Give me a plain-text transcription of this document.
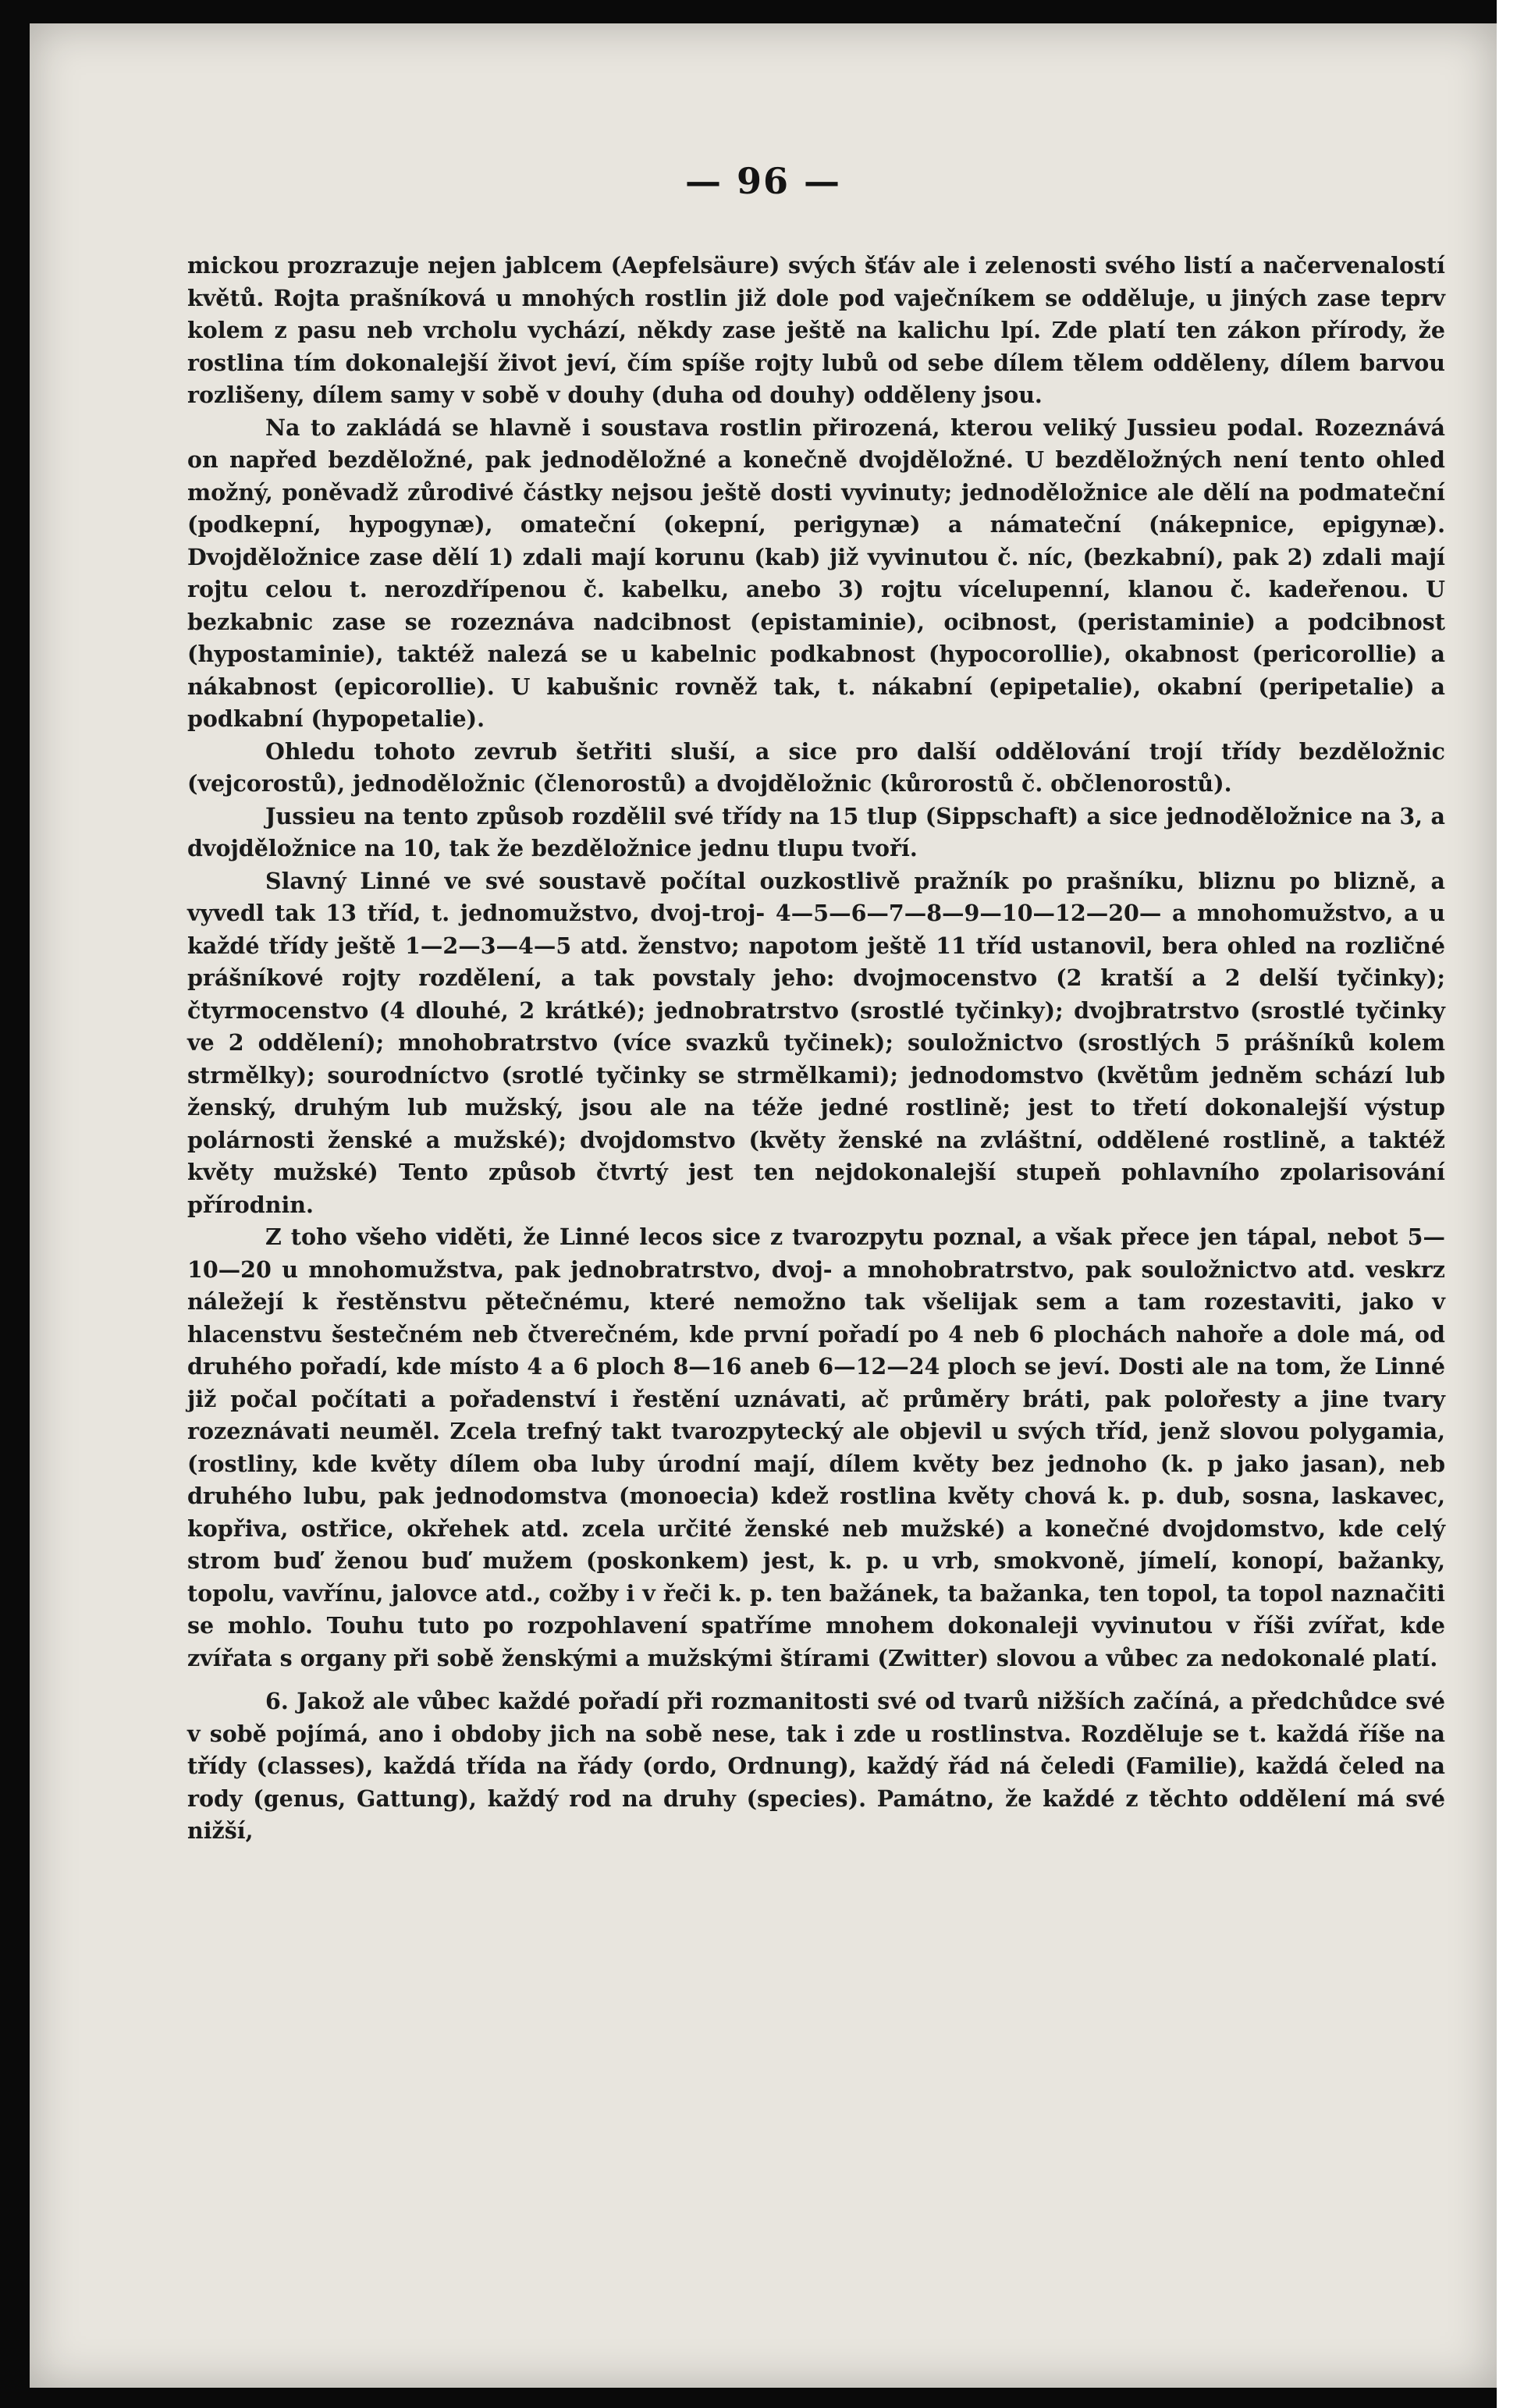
— 96 —

mickou prozrazuje nejen jablcem (Aepfelsäure) svých šťáv ale i zelenosti svého listí a načervenalostí květů. Rojta prašníková u mnohých rostlin již dole pod vaječníkem se odděluje, u jiných zase teprv kolem z pasu neb vrcholu vychází, někdy zase ještě na kalichu lpí. Zde platí ten zákon přírody, že rostlina tím dokonalejší život jeví, čím spíše rojty lubů od sebe dílem tělem odděleny, dílem barvou rozlišeny, dílem samy v sobě v douhy (duha od douhy) odděleny jsou.

Na to zakládá se hlavně i soustava rostlin přirozená, kterou veliký Jussieu podal. Rozeznává on napřed bezděložné, pak jednoděložné a konečně dvojděložné. U bezděložných není tento ohled možný, poněvadž zůrodivé částky nejsou ještě dosti vyvinuty; jednoděložnice ale dělí na podmateční (podkepní, hypogynæ), omateční (okepní, perigynæ) a námateční (nákepnice, epigynæ). Dvojděložnice zase dělí 1) zdali mají korunu (kab) již vyvinutou č. níc, (bezkabní), pak 2) zdali mají rojtu celou t. nerozdřípenou č. kabelku, anebo 3) rojtu vícelupenní, klanou č. kadeřenou. U bezkabnic zase se rozeznáva nadcibnost (epistaminie), ocibnost, (peristaminie) a podcibnost (hypostaminie), taktéž nalezá se u kabelnic podkabnost (hypocorollie), okabnost (pericorollie) a nákabnost (epicorollie). U kabušnic rovněž tak, t. nákabní (epipetalie), okabní (peripetalie) a podkabní (hypopetalie).

Ohledu tohoto zevrub šetřiti sluší, a sice pro další oddělování trojí třídy bezděložnic (vejcorostů), jednoděložnic (členorostů) a dvojděložnic (kůrorostů č. občlenorostů).

Jussieu na tento způsob rozdělil své třídy na 15 tlup (Sippschaft) a sice jednoděložnice na 3, a dvojděložnice na 10, tak že bezděložnice jednu tlupu tvoří.

Slavný Linné ve své soustavě počítal ouzkostlivě pražník po prašníku, bliznu po blizně, a vyvedl tak 13 tříd, t. jednomužstvo, dvoj-troj- 4—5—6—7—8—9—10—12—20— a mnohomužstvo, a u každé třídy ještě 1—2—3—4—5 atd. ženstvo; napotom ještě 11 tříd ustanovil, bera ohled na rozličné prášníkové rojty rozdělení, a tak povstaly jeho: dvojmocenstvo (2 kratší a 2 delší tyčinky); čtyrmocenstvo (4 dlouhé, 2 krátké); jednobratrstvo (srostlé tyčinky); dvojbratrstvo (srostlé tyčinky ve 2 oddělení); mnohobratrstvo (více svazků tyčinek); souložnictvo (srostlých 5 prášníků kolem strmělky); sourodníctvo (srotlé tyčinky se strmělkami); jednodomstvo (květům jedněm schází lub ženský, druhým lub mužský, jsou ale na téže jedné rostlině; jest to třetí dokonalejší výstup polárnosti ženské a mužské); dvojdomstvo (květy ženské na zvláštní, oddělené rostlině, a taktéž květy mužské) Tento způsob čtvrtý jest ten nejdokonalejší stupeň pohlavního zpolarisování přírodnin.

Z toho všeho viděti, že Linné lecos sice z tvarozpytu poznal, a však přece jen tápal, nebot 5—10—20 u mnohomužstva, pak jednobratrstvo, dvoj- a mnohobratrstvo, pak souložnictvo atd. veskrz náležejí k řestěnstvu pětečnému, které nemožno tak všelijak sem a tam rozestaviti, jako v hlacenstvu šestečném neb čtverečném, kde první pořadí po 4 neb 6 plochách nahoře a dole má, od druhého pořadí, kde místo 4 a 6 ploch 8—16 aneb 6—12—24 ploch se jeví. Dosti ale na tom, že Linné již počal počítati a pořadenství i řestění uznávati, ač průměry bráti, pak polořesty a jine tvary rozeznávati neuměl. Zcela trefný takt tvarozpytecký ale objevil u svých tříd, jenž slovou polygamia, (rostliny, kde květy dílem oba luby úrodní mají, dílem květy bez jednoho (k. p jako jasan), neb druhého lubu, pak jednodomstva (monoecia) kdež rostlina květy chová k. p. dub, sosna, laskavec, kopřiva, ostřice, okřehek atd. zcela určité ženské neb mužské) a konečné dvojdomstvo, kde celý strom buď ženou buď mužem (poskonkem) jest, k. p. u vrb, smokvoně, jímelí, konopí, bažanky, topolu, vavřínu, jalovce atd., cožby i v řeči k. p. ten bažánek, ta bažanka, ten topol, ta topol naznačiti se mohlo. Touhu tuto po rozpohlavení spatříme mnohem dokonaleji vyvinutou v říši zvířat, kde zvířata s organy při sobě ženskými a mužskými štírami (Zwitter) slovou a vůbec za nedokonalé platí.

6. Jakož ale vůbec každé pořadí při rozmanitosti své od tvarů nižších začíná, a předchůdce své v sobě pojímá, ano i obdoby jich na sobě nese, tak i zde u rostlinstva. Rozděluje se t. každá říše na třídy (classes), každá třída na řády (ordo, Ordnung), každý řád ná čeledi (Familie), každá čeled na rody (genus, Gattung), každý rod na druhy (species). Památno, že každé z těchto oddělení má své nižší,
